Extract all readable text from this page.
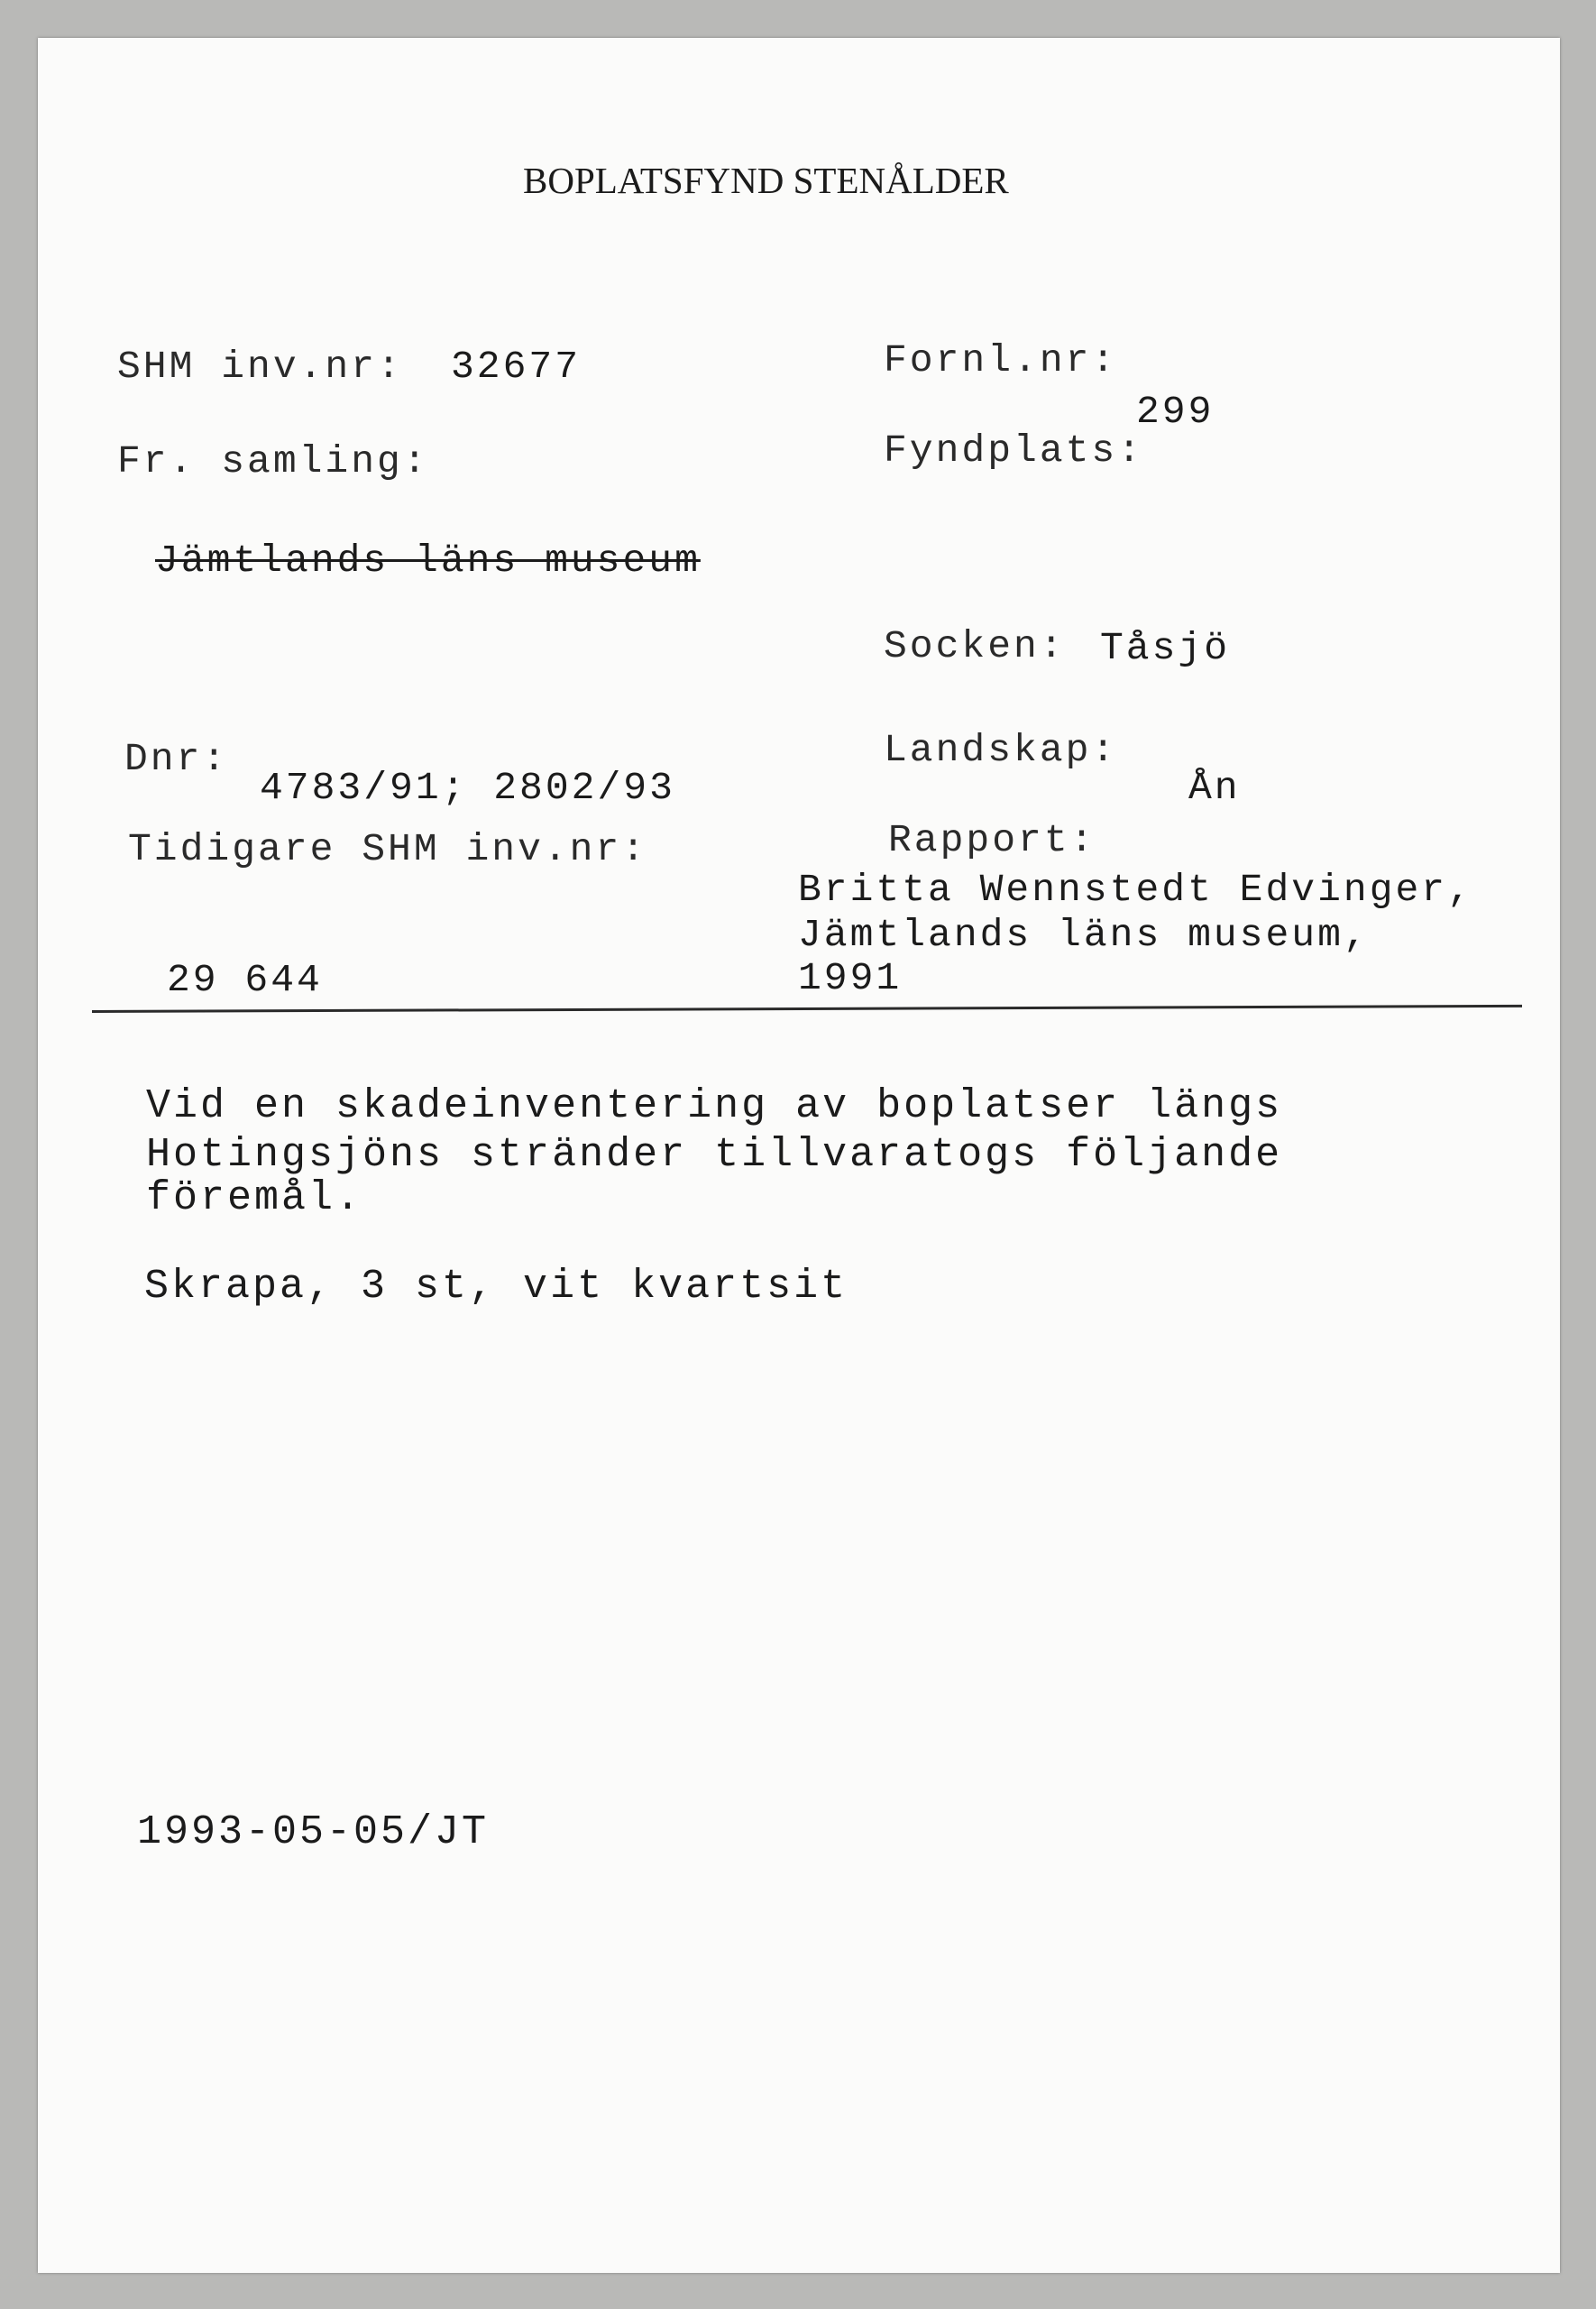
BOPLATSFYND STENÅLDER
SHM inv.nr: 32677
Fr. samling:
Jämtlands läns museum
Dnr:
4783/91; 2802/93
Tidigare SHM inv.nr:
29 644
Fornl.nr:
299
Fyndplats:
Socken: Tåsjö
Landskap:
Ån
Rapport:
Britta Wennstedt Edvinger,
Jämtlands läns museum,
1991
Vid en skadeinventering av boplatser längs
Hotingsjöns stränder tillvaratogs följande
föremål.
Skrapa, 3 st, vit kvartsit
1993-05-05/JT
